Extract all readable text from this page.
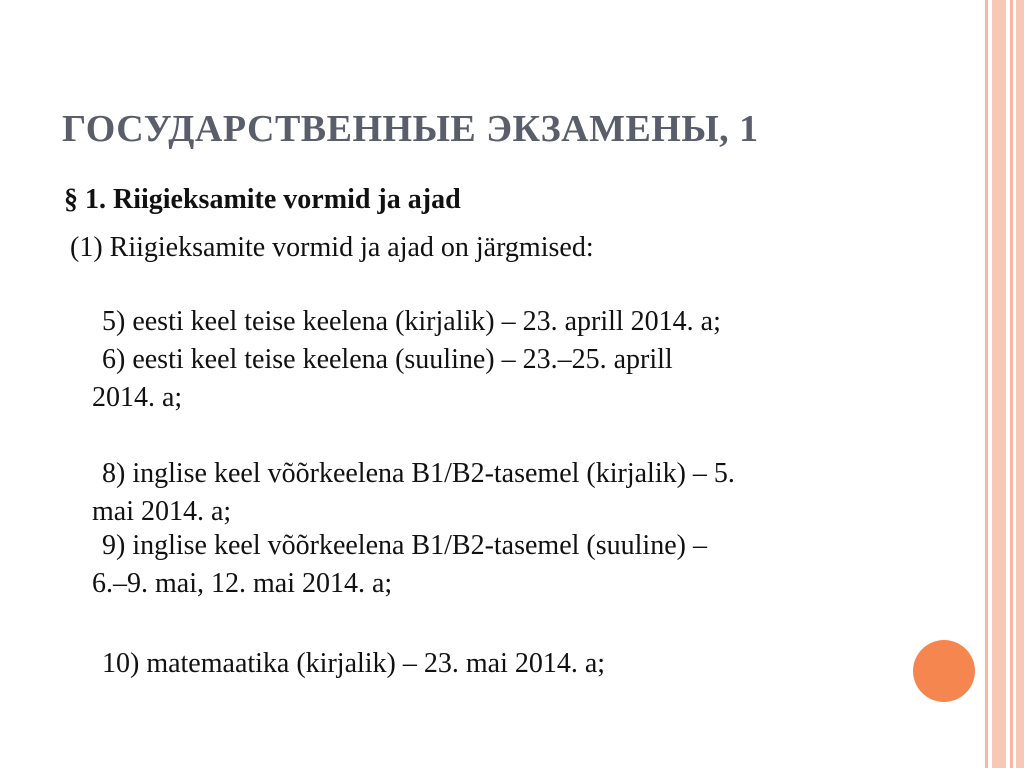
ГОСУДАРСТВЕННЫЕ ЭКЗАМЕНЫ, 1
§ 1. Riigieksamite vormid ja ajad
(1) Riigieksamite vormid ja ajad on järgmised:
5) eesti keel teise keelena (kirjalik) – 23. aprill 2014. a;
6) eesti keel teise keelena (suuline) – 23.–25. aprill
2014. a;
8) inglise keel võõrkeelena B1/B2-tasemel (kirjalik) – 5.
mai 2014. a;
9) inglise keel võõrkeelena B1/B2-tasemel (suuline) –
6.–9. mai, 12. mai 2014. a;
10) matemaatika (kirjalik) – 23. mai 2014. a;
